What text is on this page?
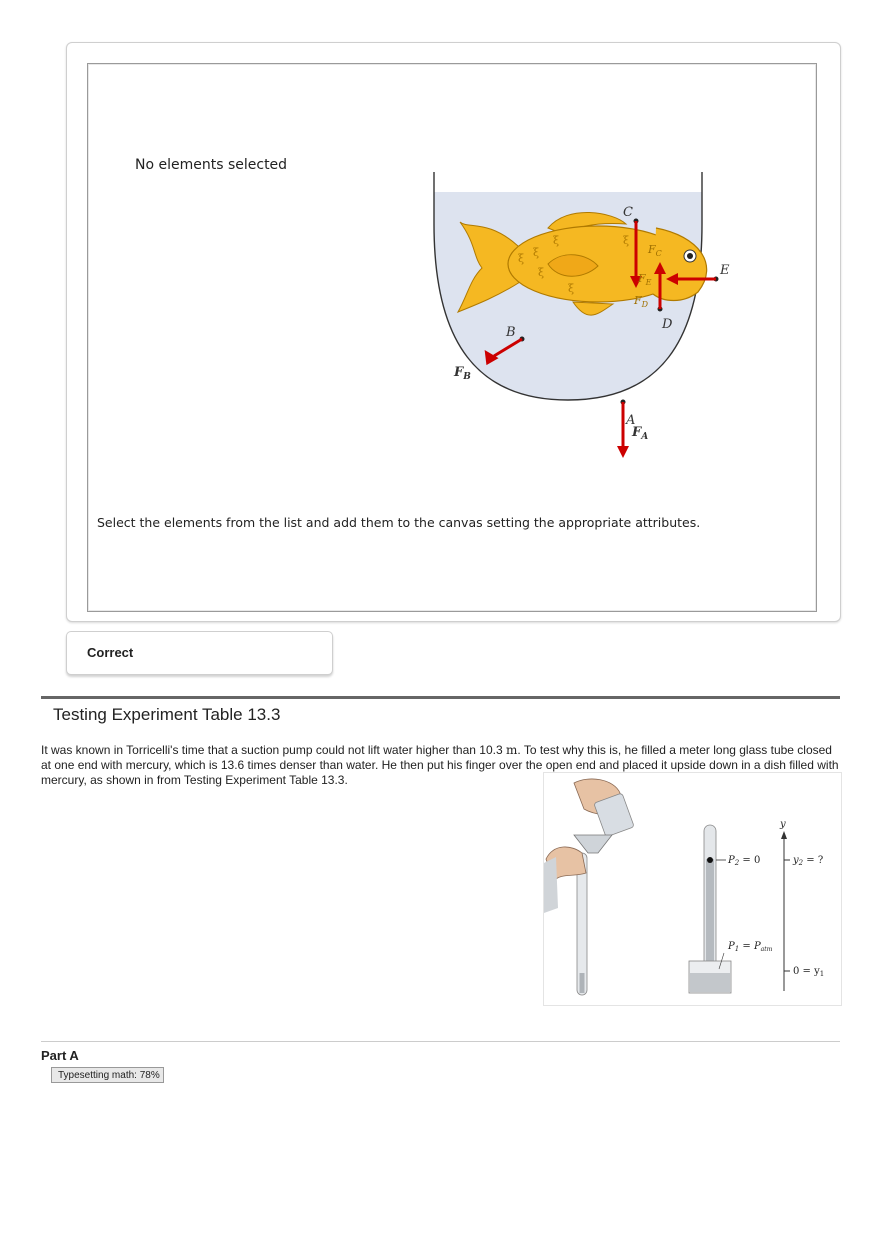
No elements selected
ξ
ξ
ξ
ξ
ξ
ξ
C
D
E
B
A
$F_B$
$F_A$
$F_C$
$F_D$
$F_E$
Select the elements from the list and add them to the canvas setting the appropriate attributes.
Correct
Testing Experiment Table 13.3
It was known in Torricelli's time that a suction pump could not lift water higher than 10.3 m. To test why this is, he filled a meter long glass tube closed at one end with mercury, which is 13.6 times denser than water. He then put his finger over the open end and placed it upside down in a dish filled with mercury, as shown in from Testing Experiment Table 13.3.
$P_2 = 0$
$P_1 = P_{atm}$
y
$y_2$ = ?
$0 = y_1$
Part A
Typesetting math: 78%
